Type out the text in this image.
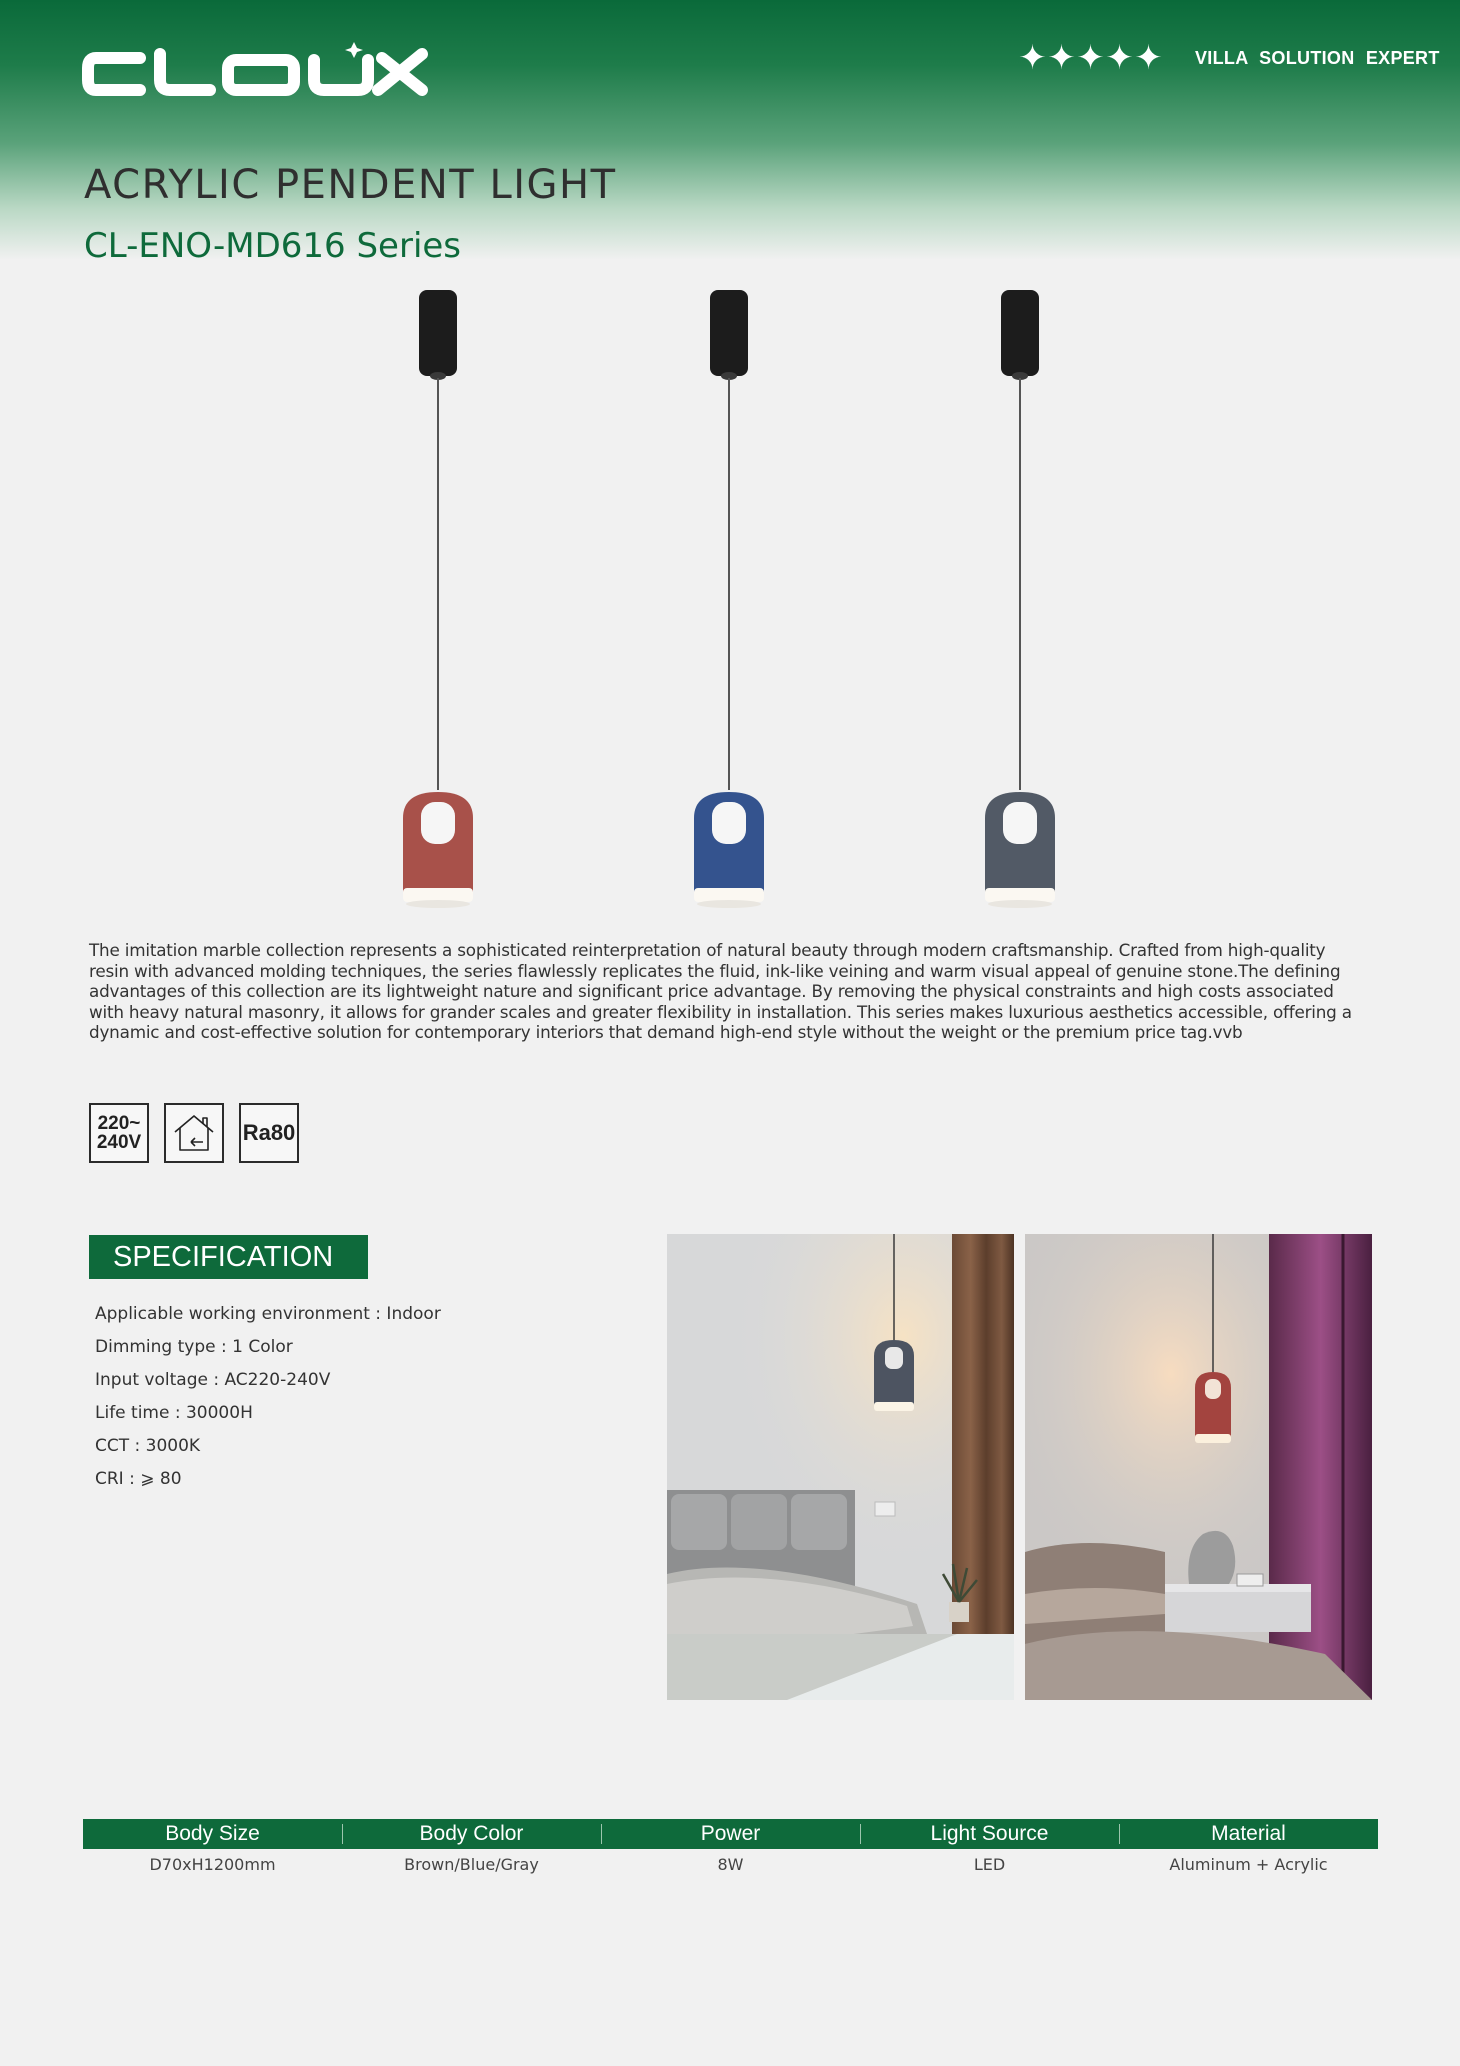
✦ ✦ ✦ ✦ ✦ VILLA SOLUTION EXPERT
ACRYLIC PENDENT LIGHT
CL-ENO-MD616 Series
The imitation marble collection represents a sophisticated reinterpretation of natural beauty through modern craftsmanship. Crafted from high-quality resin with advanced molding techniques, the series flawlessly replicates the fluid, ink-like veining and warm visual appeal of genuine stone.The defining advantages of this collection are its lightweight nature and significant price advantage. By removing the physical constraints and high costs associated with heavy natural masonry, it allows for grander scales and greater flexibility in installation. This series makes luxurious aesthetics accessible, offering a dynamic and cost-effective solution for contemporary interiors that demand high-end style without the weight or the premium price tag.vvb
220~
240V	Ra80
SPECIFICATION
Applicable working environment : Indoor
Dimming type : 1 Color
Input voltage : AC220-240V
Life time : 30000H
CCT : 3000K
CRI : ⩾ 80
Body Size	Body Color	Power	Light Source	Material
D70xH1200mm	Brown/Blue/Gray	8W	LED	Aluminum + Acrylic
